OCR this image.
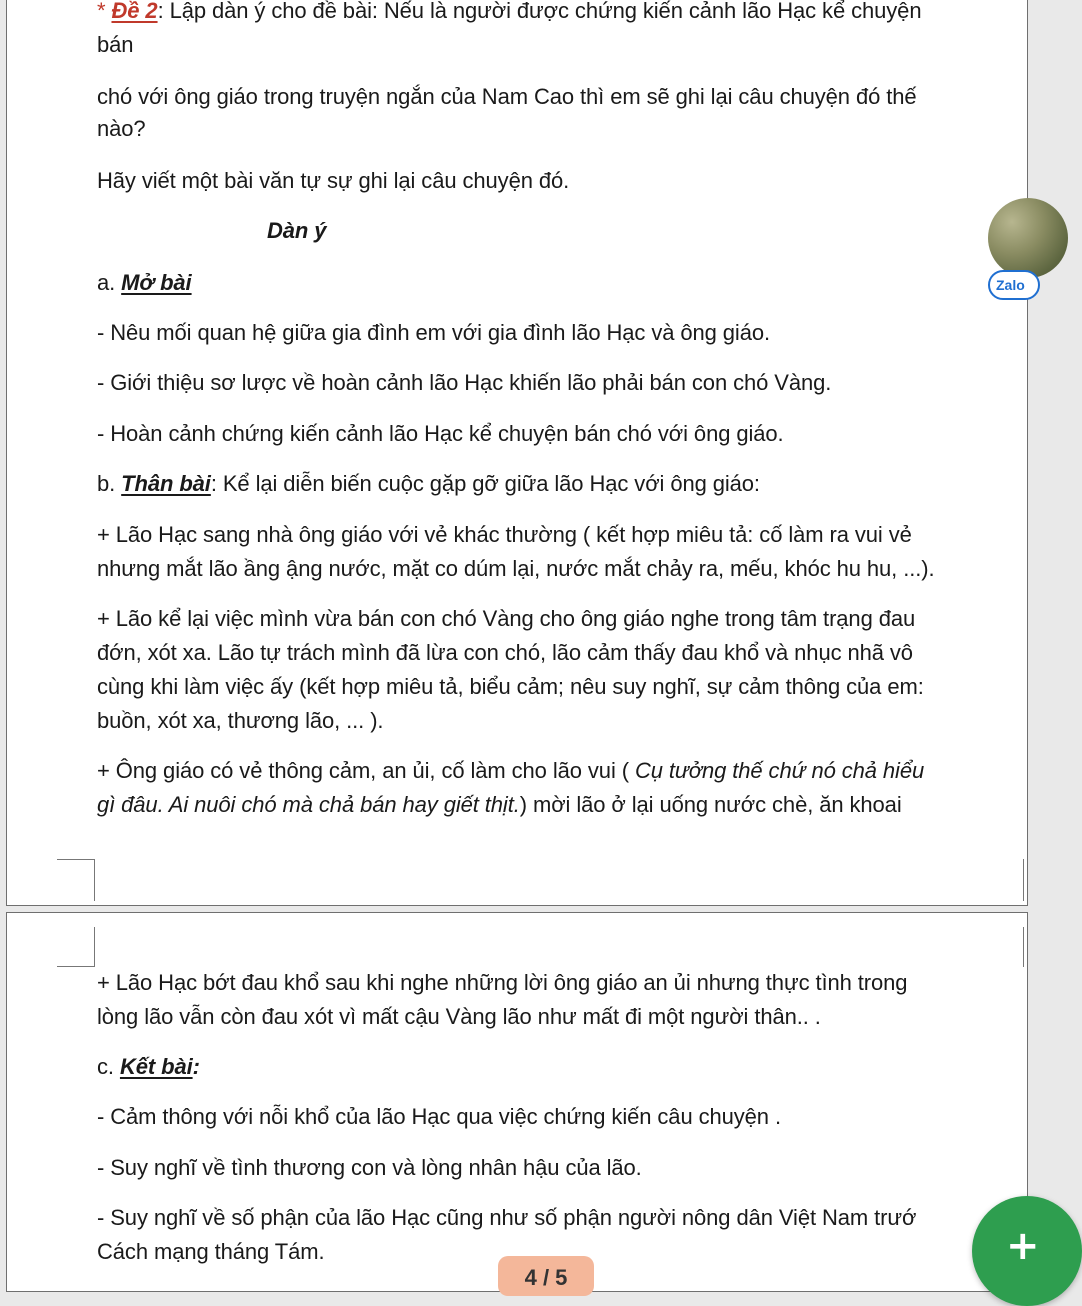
* Đề 2: Lập dàn ý cho đề bài: Nếu là người được chứng kiến cảnh lão Hạc kể chuyện
bán
chó với ông giáo trong truyện ngắn của Nam Cao thì em sẽ ghi lại câu chuyện đó thế
nào?
Hãy viết một bài văn tự sự ghi lại câu chuyện đó.
Dàn ý
a. Mở bài
- Nêu mối quan hệ giữa gia đình em với gia đình lão Hạc và ông giáo.
- Giới thiệu sơ lược về hoàn cảnh lão Hạc khiến lão phải bán con chó Vàng.
- Hoàn cảnh chứng kiến cảnh lão Hạc kể chuyện bán chó với ông giáo.
b. Thân bài: Kể lại diễn biến cuộc gặp gỡ giữa lão Hạc với ông giáo:
+ Lão Hạc sang nhà ông giáo với vẻ khác thường ( kết hợp miêu tả: cố làm ra vui vẻ
nhưng mắt lão ầng ậng nước, mặt co dúm lại, nước mắt chảy ra, mếu, khóc hu hu, ...).
+ Lão kể lại việc mình vừa bán con chó Vàng cho ông giáo nghe trong tâm trạng đau
đớn, xót xa. Lão tự trách mình đã lừa con chó, lão cảm thấy đau khổ và nhục nhã vô
cùng khi làm việc ấy (kết hợp miêu tả, biểu cảm; nêu suy nghĩ, sự cảm thông của em:
buồn, xót xa, thương lão, ... ).
+ Ông giáo có vẻ thông cảm, an ủi, cố làm cho lão vui ( Cụ tưởng thế chứ nó chả hiểu
gì đâu. Ai nuôi chó mà chả bán hay giết thịt.) mời lão ở lại uống nước chè, ăn khoai
+ Lão Hạc bớt đau khổ sau khi nghe những lời ông giáo an ủi nhưng thực tình trong
lòng lão vẫn còn đau xót vì mất cậu Vàng lão như mất đi một người thân.. .
c. Kết bài:
- Cảm thông với nỗi khổ của lão Hạc qua việc chứng kiến câu chuyện .
- Suy nghĩ về tình thương con và lòng nhân hậu của lão.
- Suy nghĩ về số phận của lão Hạc cũng như số phận người nông dân Việt Nam trướ
Cách mạng tháng Tám.
Zalo
4 / 5
+
